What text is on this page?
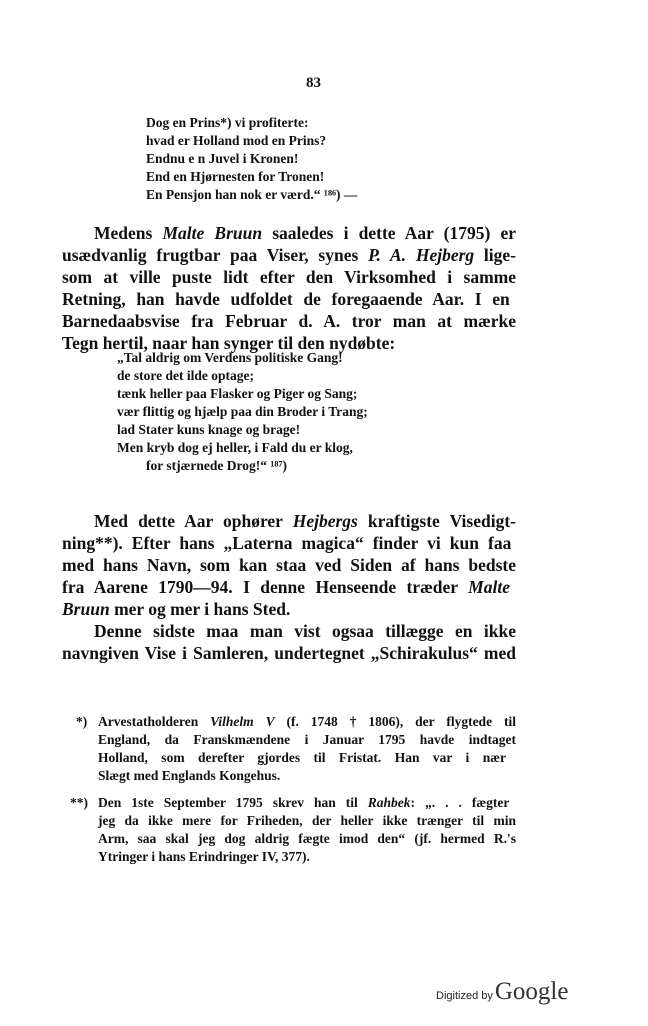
83
Dog en Prins*) vi profiterte:
hvad er Holland mod en Prins?
Endnu e n Juvel i Kronen!
End en Hjørnesten for Tronen!
En Pensjon han nok er værd.“ ¹⁸⁶) —
Medens Malte Bruun saaledes i dette Aar (1795) er
usædvanlig frugtbar paa Viser, synes P. A. Hejberg lige-
som at ville puste lidt efter den Virksomhed i samme
Retning, han havde udfoldet de foregaaende Aar. I en
Barnedaabsvise fra Februar d. A. tror man at mærke
Tegn hertil, naar han synger til den nydøbte:
„Tal aldrig om Verdens politiske Gang!
de store det ilde optage;
tænk heller paa Flasker og Piger og Sang;
vær flittig og hjælp paa din Broder i Trang;
lad Stater kuns knage og brage!
Men kryb dog ej heller, i Fald du er klog,
for stjærnede Drog!“ ¹⁸⁷)
Med dette Aar ophører Hejbergs kraftigste Visedigt-
ning**). Efter hans „Laterna magica“ finder vi kun faa
med hans Navn, som kan staa ved Siden af hans bedste
fra Aarene 1790—94. I denne Henseende træder Malte
Bruun mer og mer i hans Sted.
Denne sidste maa man vist ogsaa tillægge en ikke
navngiven Vise i Samleren, undertegnet „Schirakulus“ med
*) Arvestatholderen Vilhelm V (f. 1748 † 1806), der flygtede til
England, da Franskmændene i Januar 1795 havde indtaget
Holland, som derefter gjordes til Fristat. Han var i nær
Slægt med Englands Kongehus.
**) Den 1ste September 1795 skrev han til Rahbek: „. . . fægter
jeg da ikke mere for Friheden, der heller ikke trænger til min
Arm, saa skal jeg dog aldrig fægte imod den“ (jf. hermed R.'s
Ytringer i hans Erindringer IV, 377).
Digitized by Google
